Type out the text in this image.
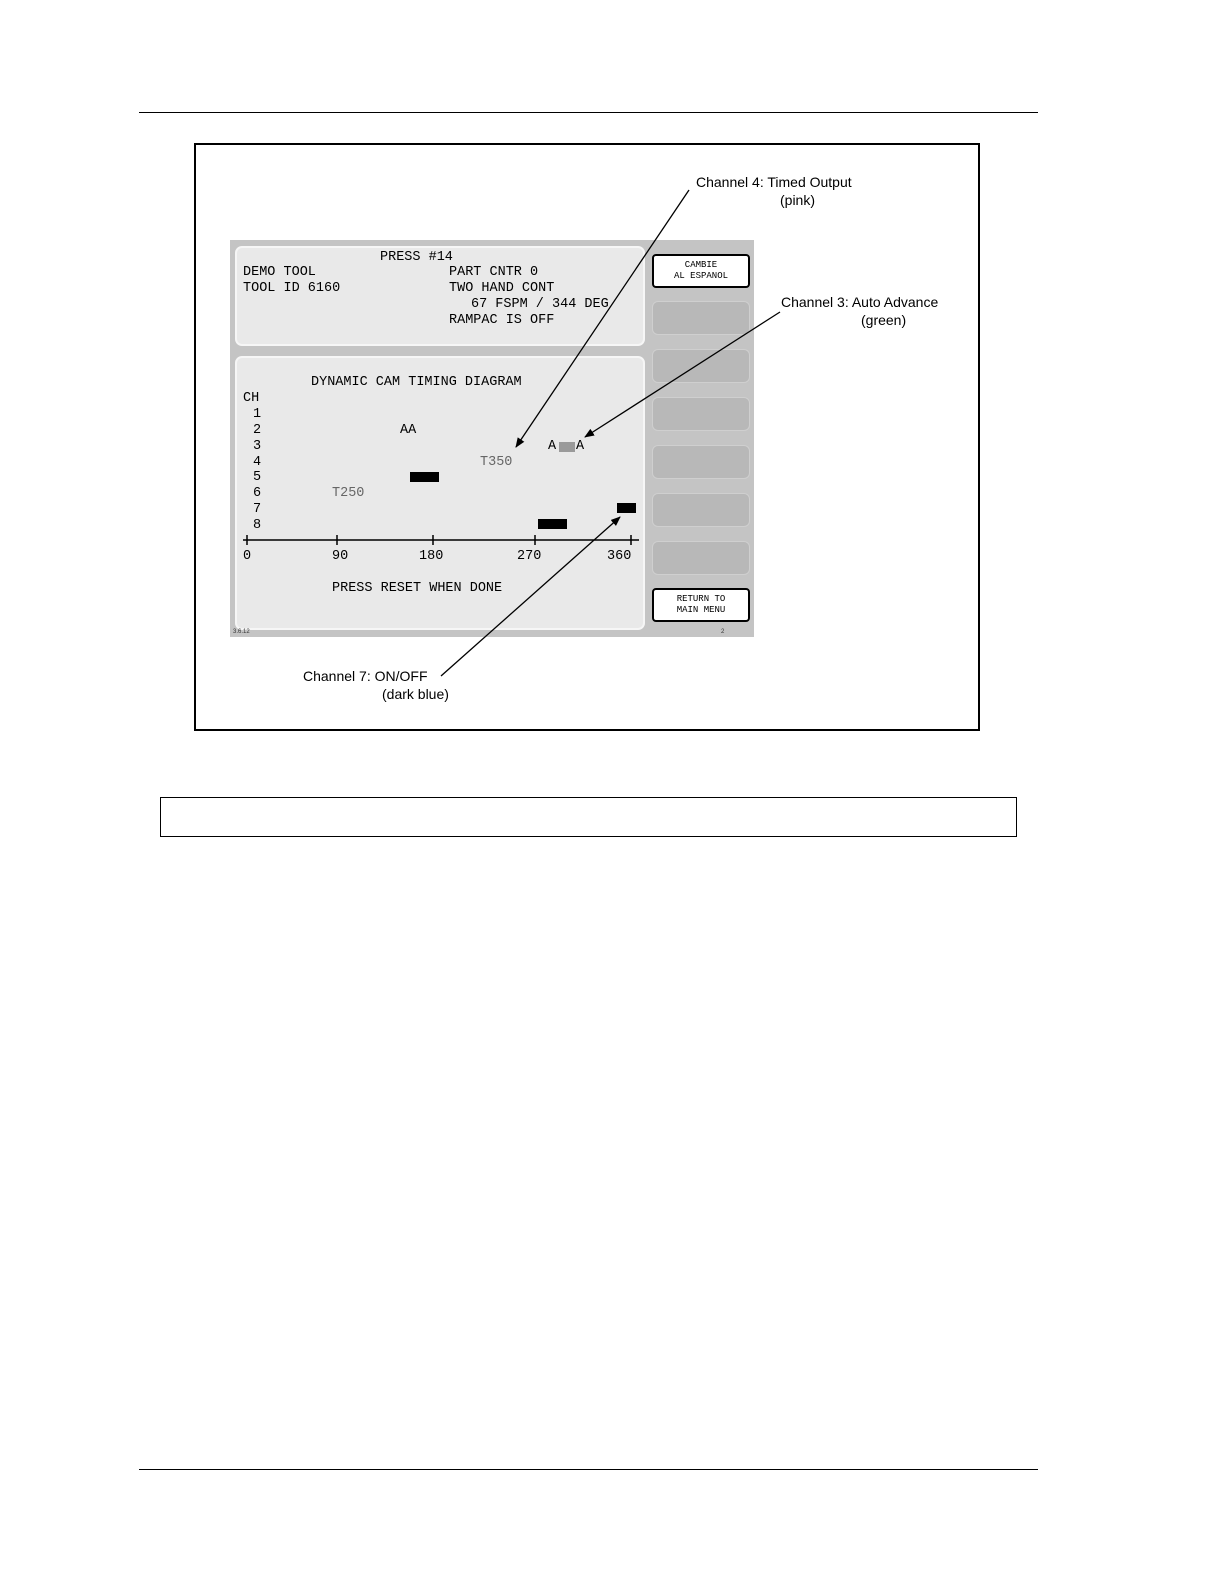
PRESS #14
DEMO TOOL
TOOL ID 6160
PART CNTR 0
TWO HAND CONT
67 FSPM / 344 DEG
RAMPAC IS OFF
DYNAMIC CAM TIMING DIAGRAM
CH
1
2
3
4
5
6
7
8
AA
A A
T350
T250
0	90	180	270	360
PRESS RESET WHEN DONE
CAMBIE
AL ESPANOL
RETURN TO
MAIN MENU
3.6.12	2
Channel 4: Timed Output
(pink)
Channel 3: Auto Advance
(green)
Channel 7: ON/OFF
(dark blue)
